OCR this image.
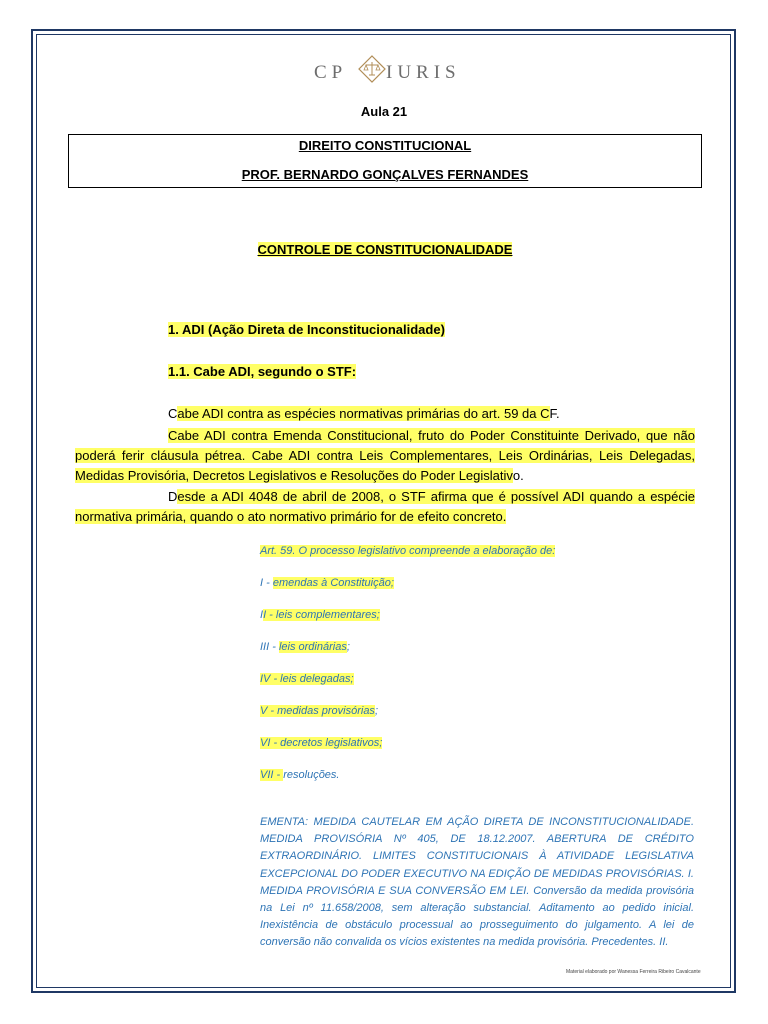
CP IURIS
Aula 21
DIREITO CONSTITUCIONAL
PROF. BERNARDO GONÇALVES FERNANDES
CONTROLE DE CONSTITUCIONALIDADE
1. ADI (Ação Direta de Inconstitucionalidade)
1.1. Cabe ADI, segundo o STF:
Cabe ADI contra as espécies normativas primárias do art. 59 da CF.
Cabe ADI contra Emenda Constitucional, fruto do Poder Constituinte Derivado, que não poderá ferir cláusula pétrea. Cabe ADI contra Leis Complementares, Leis Ordinárias, Leis Delegadas, Medidas Provisória, Decretos Legislativos e Resoluções do Poder Legislativo.
Desde a ADI 4048 de abril de 2008, o STF afirma que é possível ADI quando a espécie normativa primária, quando o ato normativo primário for de efeito concreto.
Art. 59. O processo legislativo compreende a elaboração de:
I - emendas à Constituição;
II - leis complementares;
III - leis ordinárias;
IV - leis delegadas;
V - medidas provisórias;
VI - decretos legislativos;
VII - resoluções.
EMENTA: MEDIDA CAUTELAR EM AÇÃO DIRETA DE INCONSTITUCIONALIDADE. MEDIDA PROVISÓRIA Nº 405, DE 18.12.2007. ABERTURA DE CRÉDITO EXTRAORDINÁRIO. LIMITES CONSTITUCIONAIS À ATIVIDADE LEGISLATIVA EXCEPCIONAL DO PODER EXECUTIVO NA EDIÇÃO DE MEDIDAS PROVISÓRIAS. I. MEDIDA PROVISÓRIA E SUA CONVERSÃO EM LEI. Conversão da medida provisória na Lei nº 11.658/2008, sem alteração substancial. Aditamento ao pedido inicial. Inexistência de obstáculo processual ao prosseguimento do julgamento. A lei de conversão não convalida os vícios existentes na medida provisória. Precedentes. II.
Material elaborado por Wanessa Ferreira Ribeiro Cavalcante
